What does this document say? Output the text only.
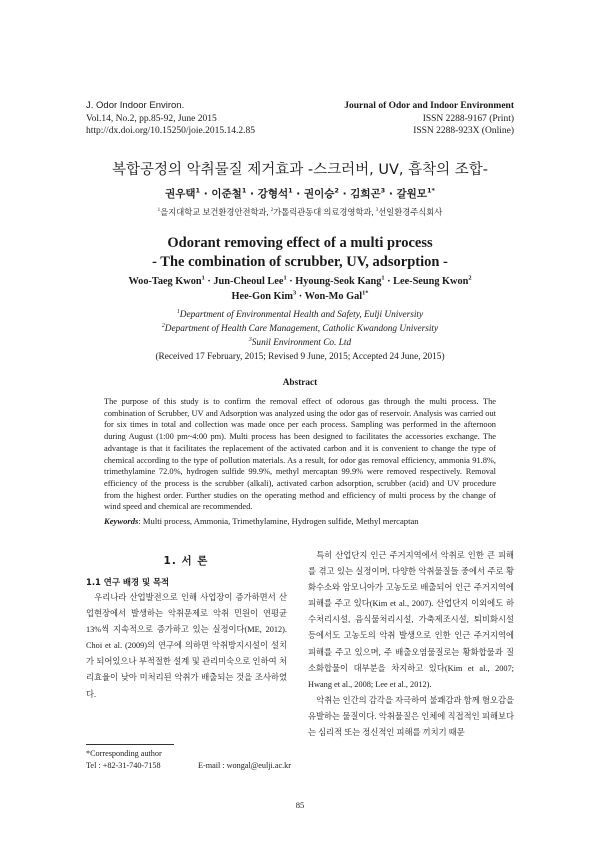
J. Odor Indoor Environ.
Vol.14, No.2, pp.85-92, June 2015
http://dx.doi.org/10.15250/joie.2015.14.2.85
Journal of Odor and Indoor Environment
ISSN 2288-9167 (Print)
ISSN 2288-923X (Online)
복합공정의 악취물질 제거효과 -스크러버, UV, 흡착의 조합-
권우택$^1$ · 이준철$^1$ · 강형석$^1$ · 권이승$^2$ · 김희곤$^3$ · 갈원모$^{1*}$
$^1$을지대학교 보건환경안전학과, $^2$가톨릭관동대 의료경영학과, $^3$선일환경주식회사
Odorant removing effect of a multi process
- The combination of scrubber, UV, adsorption -
Woo-Taeg Kwon$^1$ · Jun-Cheoul Lee$^1$ · Hyoung-Seok Kang$^1$ · Lee-Seung Kwon$^2$
Hee-Gon Kim$^3$ · Won-Mo Gal$^{1*}$
$^1$Department of Environmental Health and Safety, Eulji University
$^2$Department of Health Care Management, Catholic Kwandong University
$^3$Sunil Environment Co. Ltd
(Received 17 February, 2015; Revised 9 June, 2015; Accepted 24 June, 2015)
Abstract
The purpose of this study is to confirm the removal effect of odorous gas through the multi process. The combination of Scrubber, UV and Adsorption was analyzed using the odor gas of reservoir. Analysis was carried out for six times in total and collection was made once per each process. Sampling was performed in the afternoon during August (1:00 pm~4:00 pm). Multi process has been designed to facilitates the accessories exchange. The advantage is that it facilitates the replacement of the activated carbon and it is convenient to change the type of chemical according to the type of pollution materials. As a result, for odor gas removal efficiency, ammonia 91.8%, trimethylamine 72.0%, hydrogen sulfide 99.9%, methyl mercaptan 99.9% were removed respectively. Removal efficiency of the process is the scrubber (alkali), activated carbon adsorption, scrubber (acid) and UV procedure from the highest order. Further studies on the operating method and efficiency of multi process by the change of wind speed and chemical are recommended.
Keywords: Multi process, Ammonia, Trimethylamine, Hydrogen sulfide, Methyl mercaptan
1. 서 론
1.1 연구 배경 및 목적
우리나라 산업발전으로 인해 사업장이 증가하면서 산업현장에서 발생하는 악취문제로 악취 민원이 연평균 13%씩 지속적으로 증가하고 있는 실정이다(ME, 2012). Choi et al. (2009)의 연구에 의하면 악취방지시설이 설치가 되어있으나 부적절한 설계 및 관리미숙으로 인하여 처리효율이 낮아 미처리된 악취가 배출되는 것을 조사하였다.
특히 산업단지 인근 주거지역에서 악취로 인한 큰 피해를 겪고 있는 실정이며, 다양한 악취물질들 중에서 주로 황화수소와 암모니아가 고농도로 배출되어 인근 주거지역에 피해를 주고 있다(Kim et al., 2007). 산업단지 이외에도 하수처리시설, 음식물처리시설, 가축제조시설, 퇴비화시설 등에서도 고농도의 악취 발생으로 인한 인근 주거지역에 피해를 주고 있으며, 주 배출오염물질로는 황화합물과 질소화합물이 대부분을 차지하고 있다(Kim et al., 2007; Hwang et al., 2008; Lee et al., 2012).
악취는 인간의 감각을 자극하여 불쾌감과 함께 혐오감을 유발하는 물질이다. 악취물질은 인체에 직접적인 피해보다는 심리적 또는 정신적인 피해를 끼치기 때문
*Corresponding author
Tel : +82-31-740-7158	E-mail : wongal@eulji.ac.kr
85
